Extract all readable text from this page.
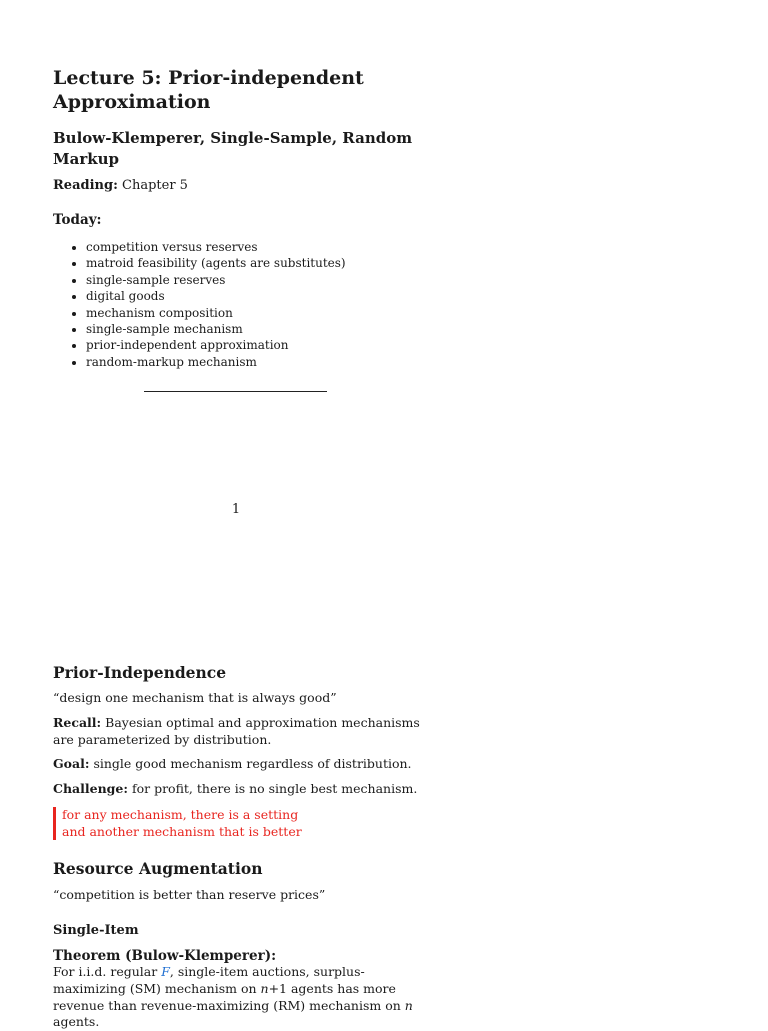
Lecture 5: Prior-independent Approximation
Bulow-Klemperer, Single-Sample, Random Markup
Reading: Chapter 5
Today:
• competition versus reserves
• matroid feasibility (agents are substitutes)
• single-sample reserves
• digital goods
• mechanism composition
• single-sample mechanism
• prior-independent approximation
• random-markup mechanism
1
Prior-Independence
“design one mechanism that is always good”
Recall: Bayesian optimal and approximation mechanisms are parameterized by distribution.
Goal: single good mechanism regardless of distribution.
Challenge: for profit, there is no single best mechanism.
for any mechanism, there is a setting
and another mechanism that is better
Resource Augmentation
“competition is better than reserve prices”
Single-Item
Theorem (Bulow-Klemperer):
For i.i.d. regular F, single-item auctions, surplus-maximizing (SM) mechanism on n+1 agents has more revenue than revenue-maximizing (RM) mechanism on n agents.
